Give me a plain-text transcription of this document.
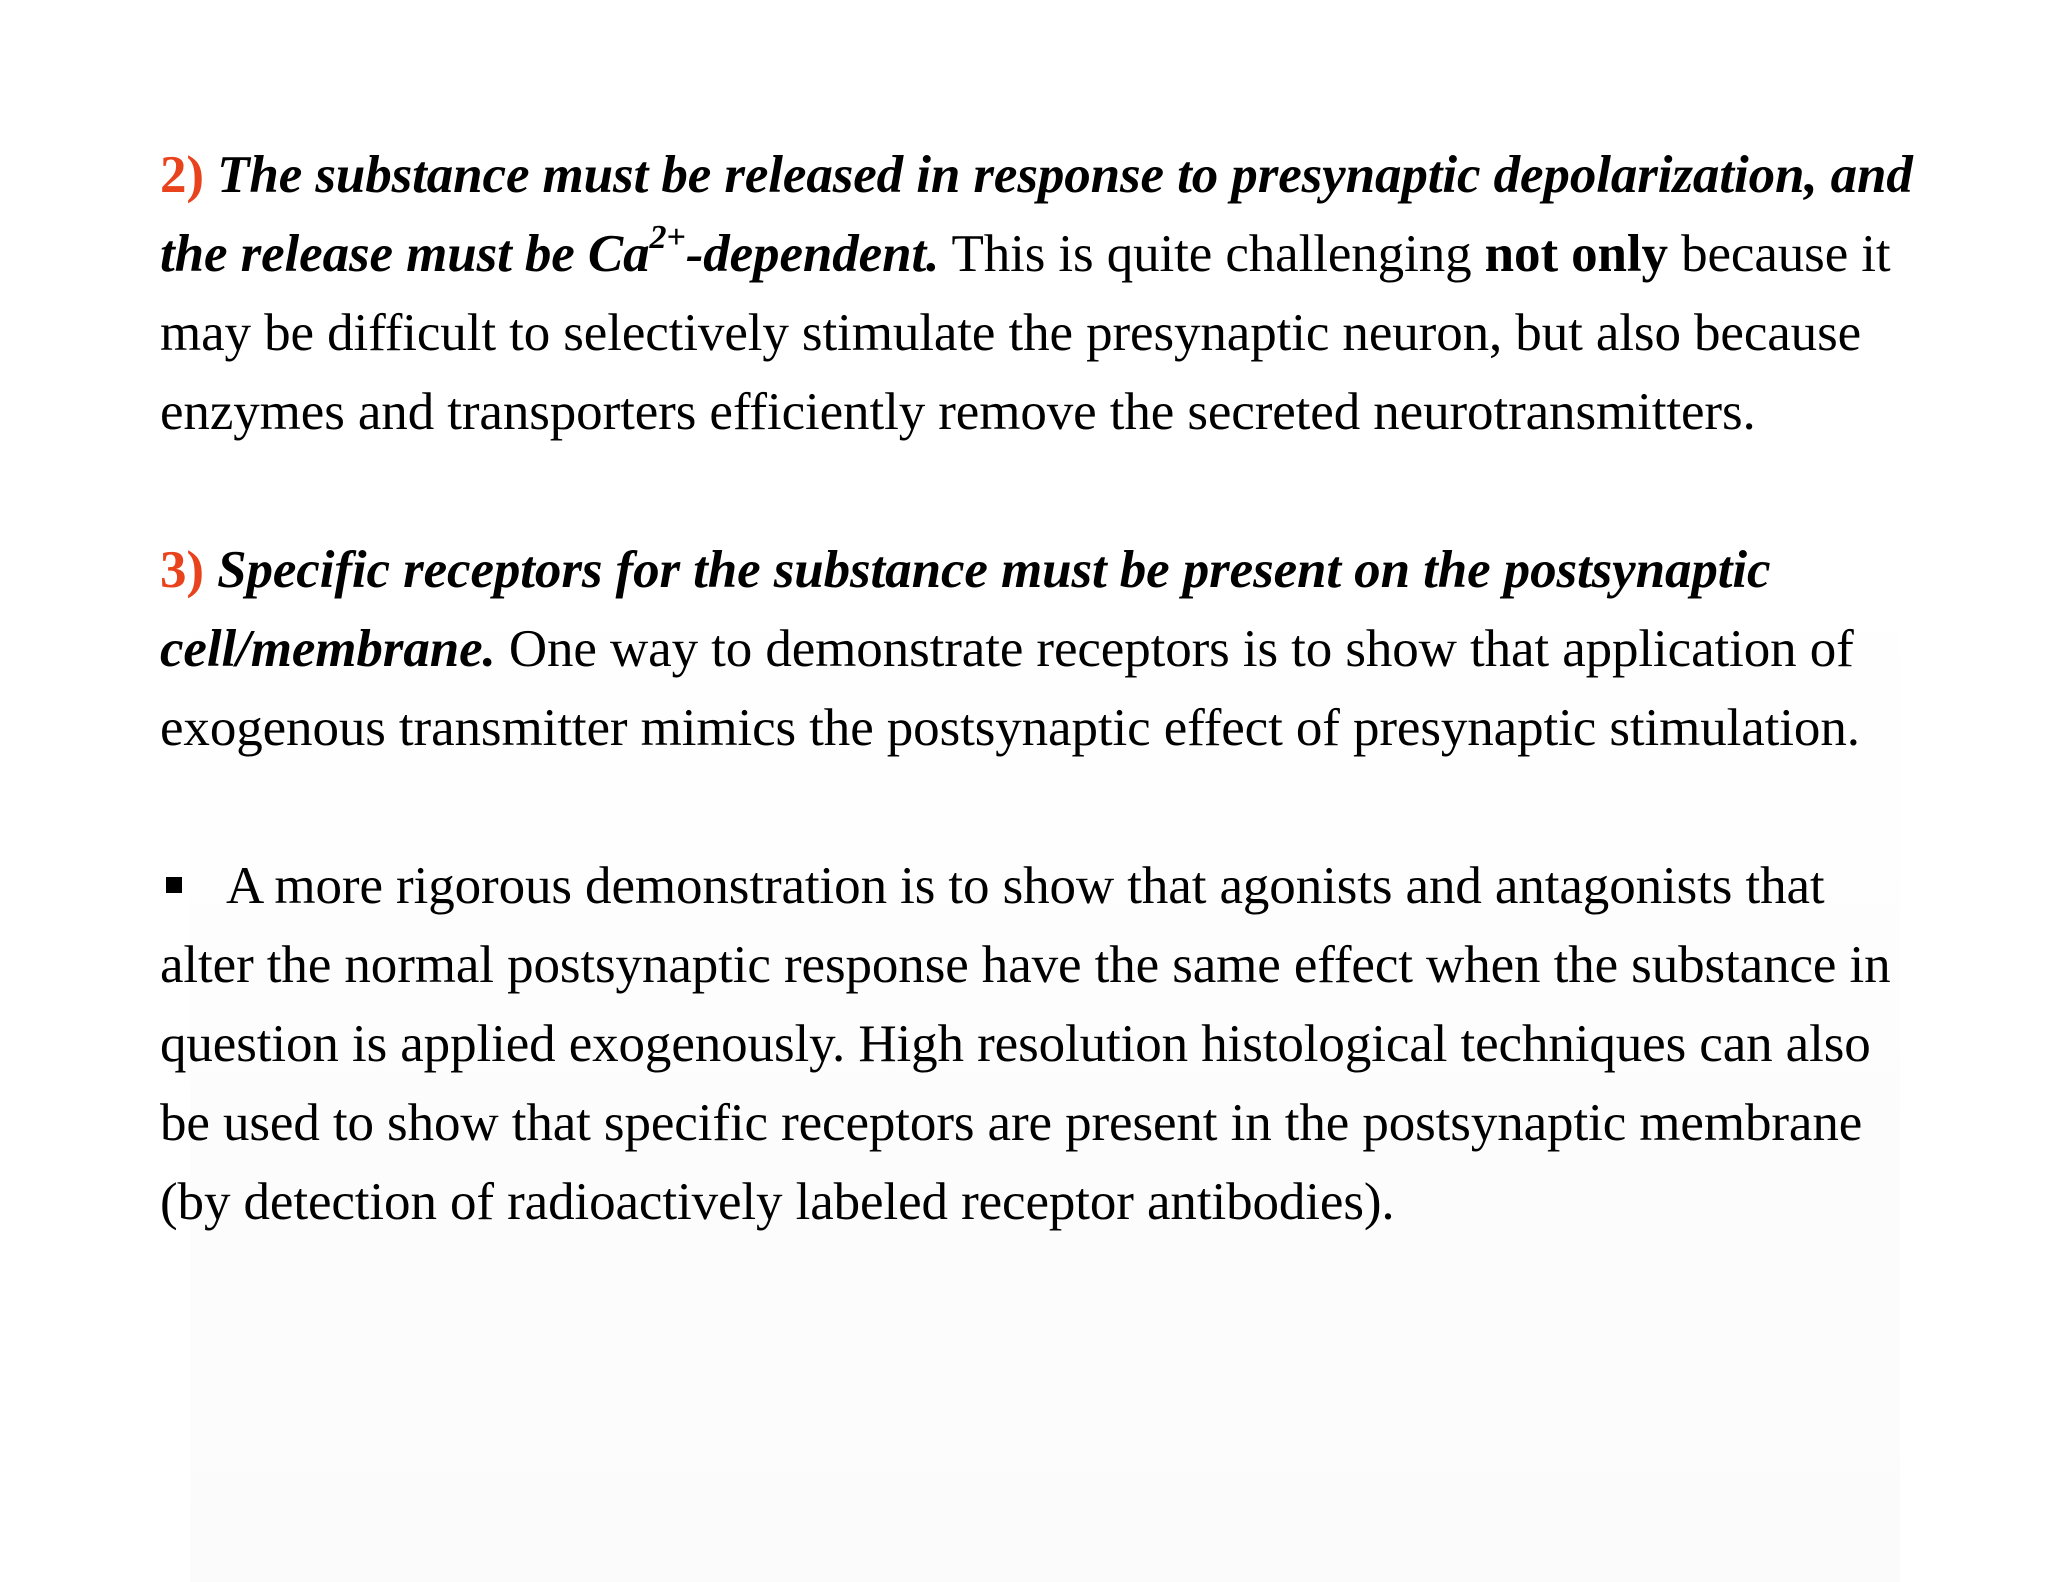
2) The substance must be released in response to presynaptic depolarization, and the release must be $Ca^{2+}$-dependent. This is quite challenging not only because it may be difficult to selectively stimulate the presynaptic neuron, but also because enzymes and transporters efficiently remove the secreted neurotransmitters.

3) Specific receptors for the substance must be present on the postsynaptic cell/membrane. One way to demonstrate receptors is to show that application of exogenous transmitter mimics the postsynaptic effect of presynaptic stimulation.

A more rigorous demonstration is to show that agonists and antagonists that alter the normal postsynaptic response have the same effect when the substance in question is applied exogenously. High resolution histological techniques can also be used to show that specific receptors are present in the postsynaptic membrane (by detection of radioactively labeled receptor antibodies).
